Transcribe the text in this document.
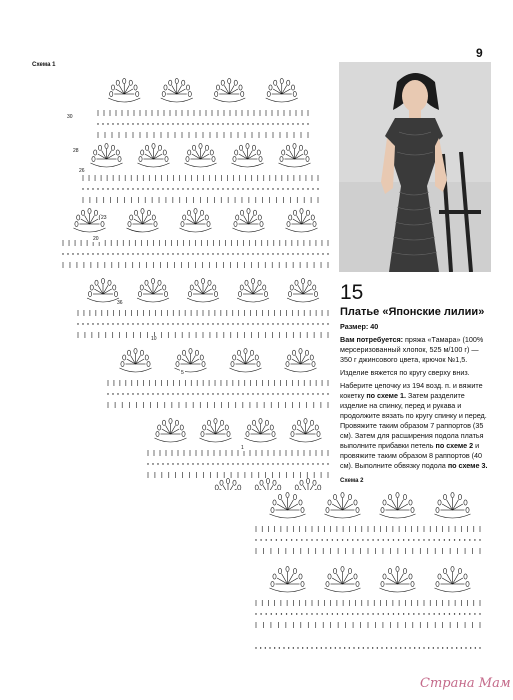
9
Схема 1
30
28
26
23
20
36
10
5
1
15
Платье «Японские лилии»

Размер: 40

Вам потребуется: пряжа «Тамара» (100% мерсеризованный хлопок, 525 м/100 г) — 350 г джинсового цвета, крючок №1,5.

Изделие вяжется по кругу сверху вниз.

Наберите цепочку из 194 возд. п. и вяжите кокетку по схеме 1. Затем разделите изделие на спинку, перед и рукава и продолжите вязать по кругу спинку и перед. Провяжите таким образом 7 раппортов (35 см). Затем для расширения подола платья выполните прибавки петель по схеме 2 и провяжите таким образом 8 раппортов (40 см). Выполните обвязку подола по схеме 3.

Схема 2
Страна Мам
